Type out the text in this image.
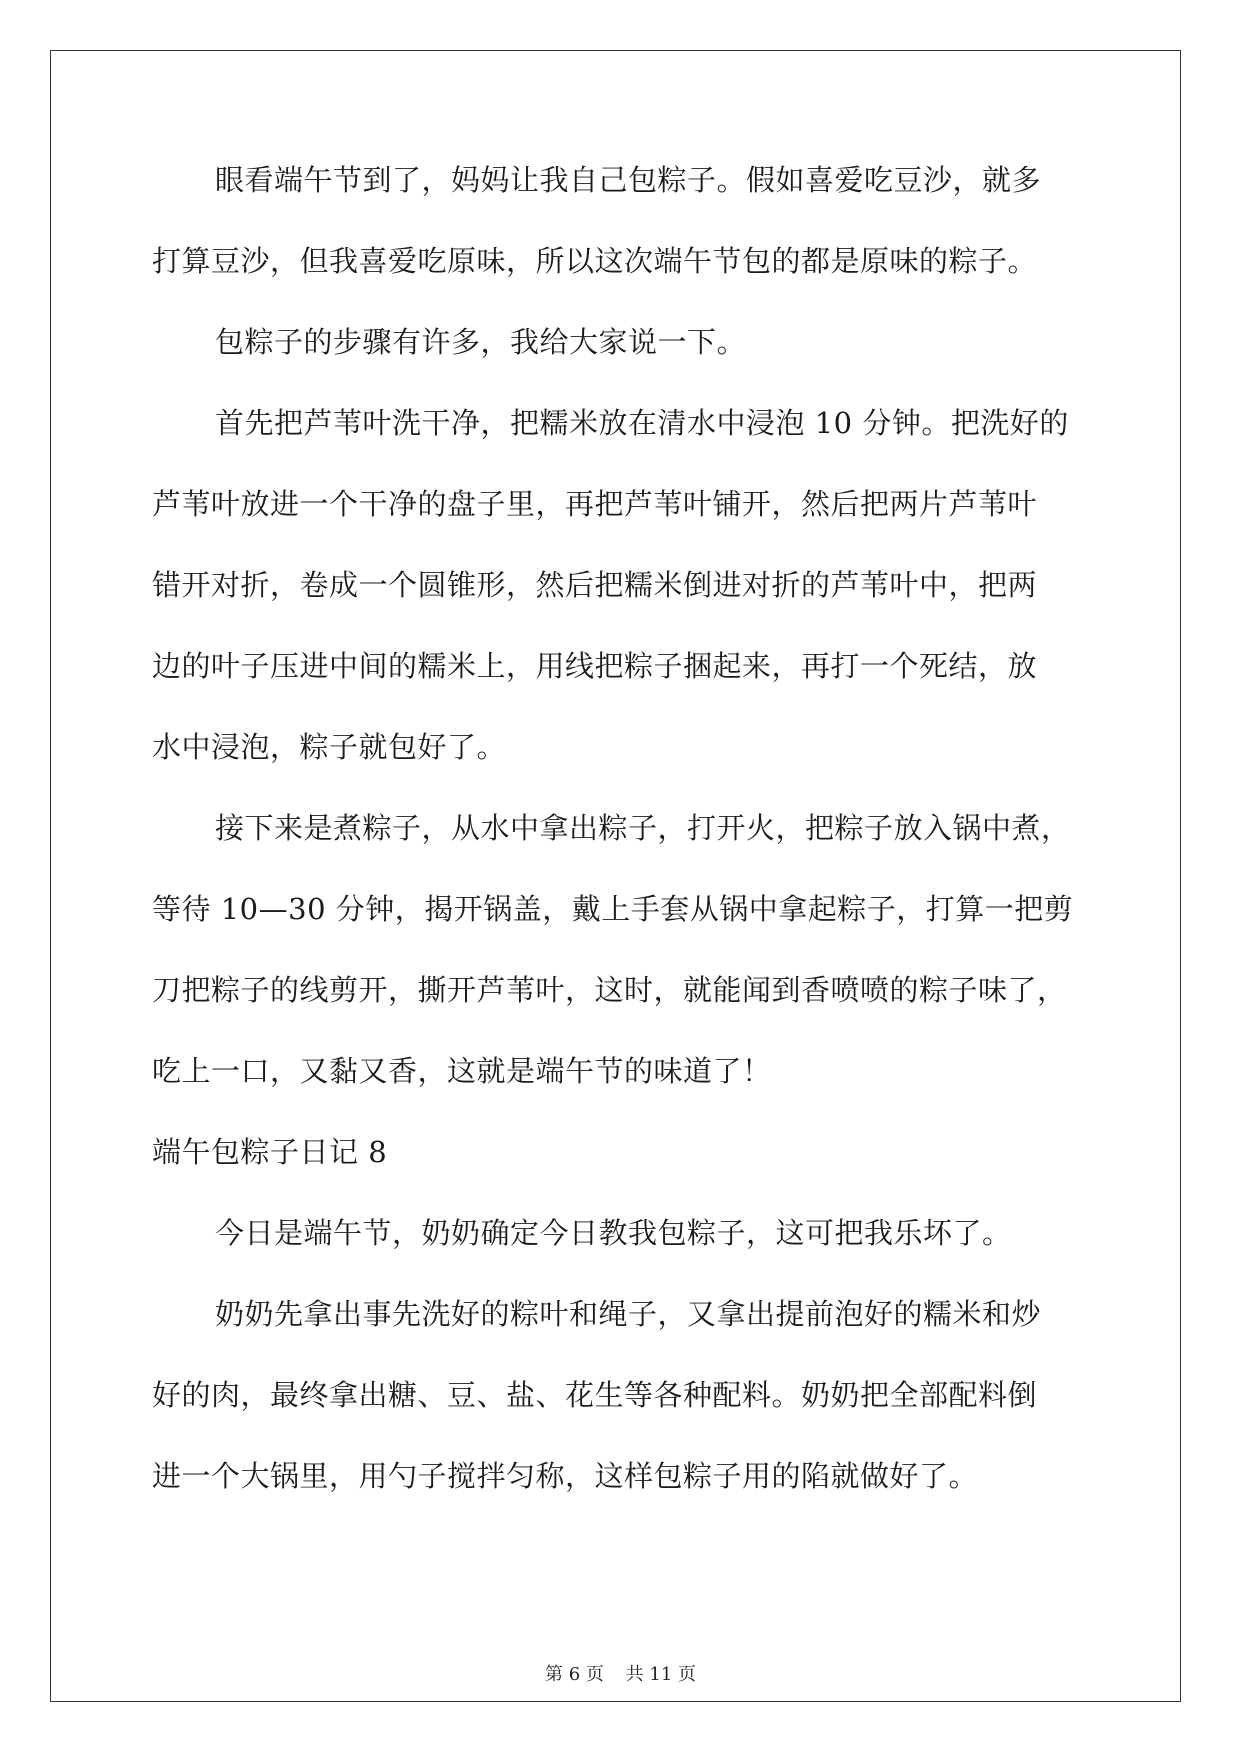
眼看端午节到了，妈妈让我自己包粽子。假如喜爱吃豆沙，就多
打算豆沙，但我喜爱吃原味，所以这次端午节包的都是原味的粽子。
包粽子的步骤有许多，我给大家说一下。
首先把芦苇叶洗干净，把糯米放在清水中浸泡 10 分钟。把洗好的
芦苇叶放进一个干净的盘子里，再把芦苇叶铺开，然后把两片芦苇叶
错开对折，卷成一个圆锥形，然后把糯米倒进对折的芦苇叶中，把两
边的叶子压进中间的糯米上，用线把粽子捆起来，再打一个死结，放
水中浸泡，粽子就包好了。
接下来是煮粽子，从水中拿出粽子，打开火，把粽子放入锅中煮，
等待 10—30 分钟，揭开锅盖，戴上手套从锅中拿起粽子，打算一把剪
刀把粽子的线剪开，撕开芦苇叶，这时，就能闻到香喷喷的粽子味了，
吃上一口，又黏又香，这就是端午节的味道了！
端午包粽子日记 8
今日是端午节，奶奶确定今日教我包粽子，这可把我乐坏了。
奶奶先拿出事先洗好的粽叶和绳子，又拿出提前泡好的糯米和炒
好的肉，最终拿出糖、豆、盐、花生等各种配料。奶奶把全部配料倒
进一个大锅里，用勺子搅拌匀称，这样包粽子用的陷就做好了。
第 6 页 共 11 页
